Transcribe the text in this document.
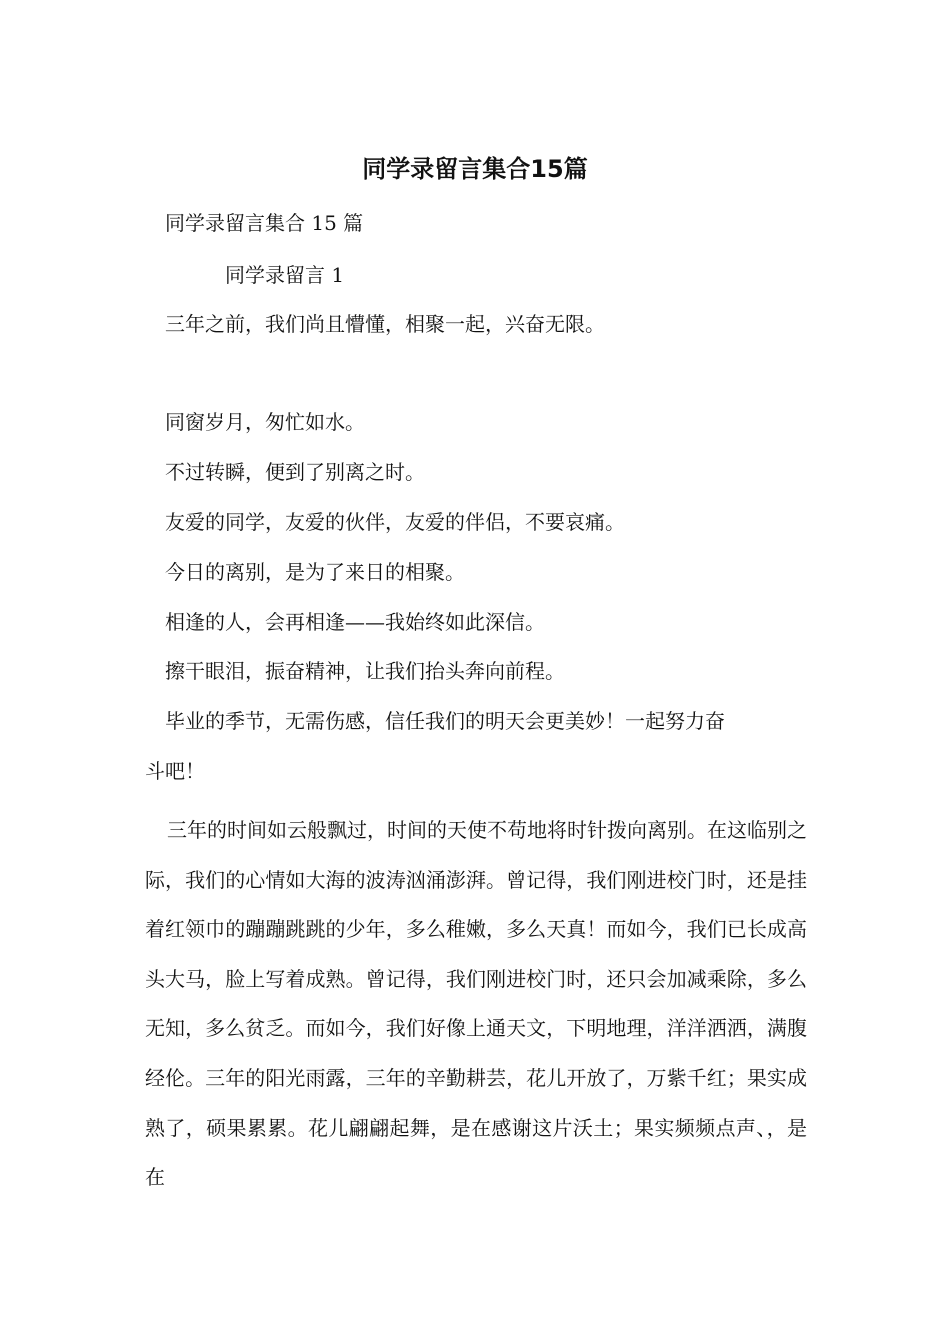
同学录留言集合15篇
同学录留言集合 15 篇
同学录留言 1
三年之前，我们尚且懵懂，相聚一起，兴奋无限。
同窗岁月，匆忙如水。
不过转瞬，便到了别离之时。
友爱的同学，友爱的伙伴，友爱的伴侣，不要哀痛。
今日的离别，是为了来日的相聚。
相逢的人，会再相逢——我始终如此深信。
擦干眼泪，振奋精神，让我们抬头奔向前程。
毕业的季节，无需伤感，信任我们的明天会更美妙！一起努力奋
斗吧！

三年的时间如云般飘过，时间的天使不苟地将时针拨向离别。在这临别之际，我们的心情如大海的波涛汹涌澎湃。曾记得，我们刚进校门时，还是挂着红领巾的蹦蹦跳跳的少年，多么稚嫩，多么天真！而如今，我们已长成高头大马，脸上写着成熟。曾记得，我们刚进校门时，还只会加减乘除，多么无知，多么贫乏。而如今，我们好像上通天文，下明地理，洋洋洒洒，满腹经伦。三年的阳光雨露，三年的辛勤耕芸，花儿开放了，万紫千红；果实成熟了，硕果累累。花儿翩翩起舞，是在感谢这片沃土；果实频频点声、，是在
